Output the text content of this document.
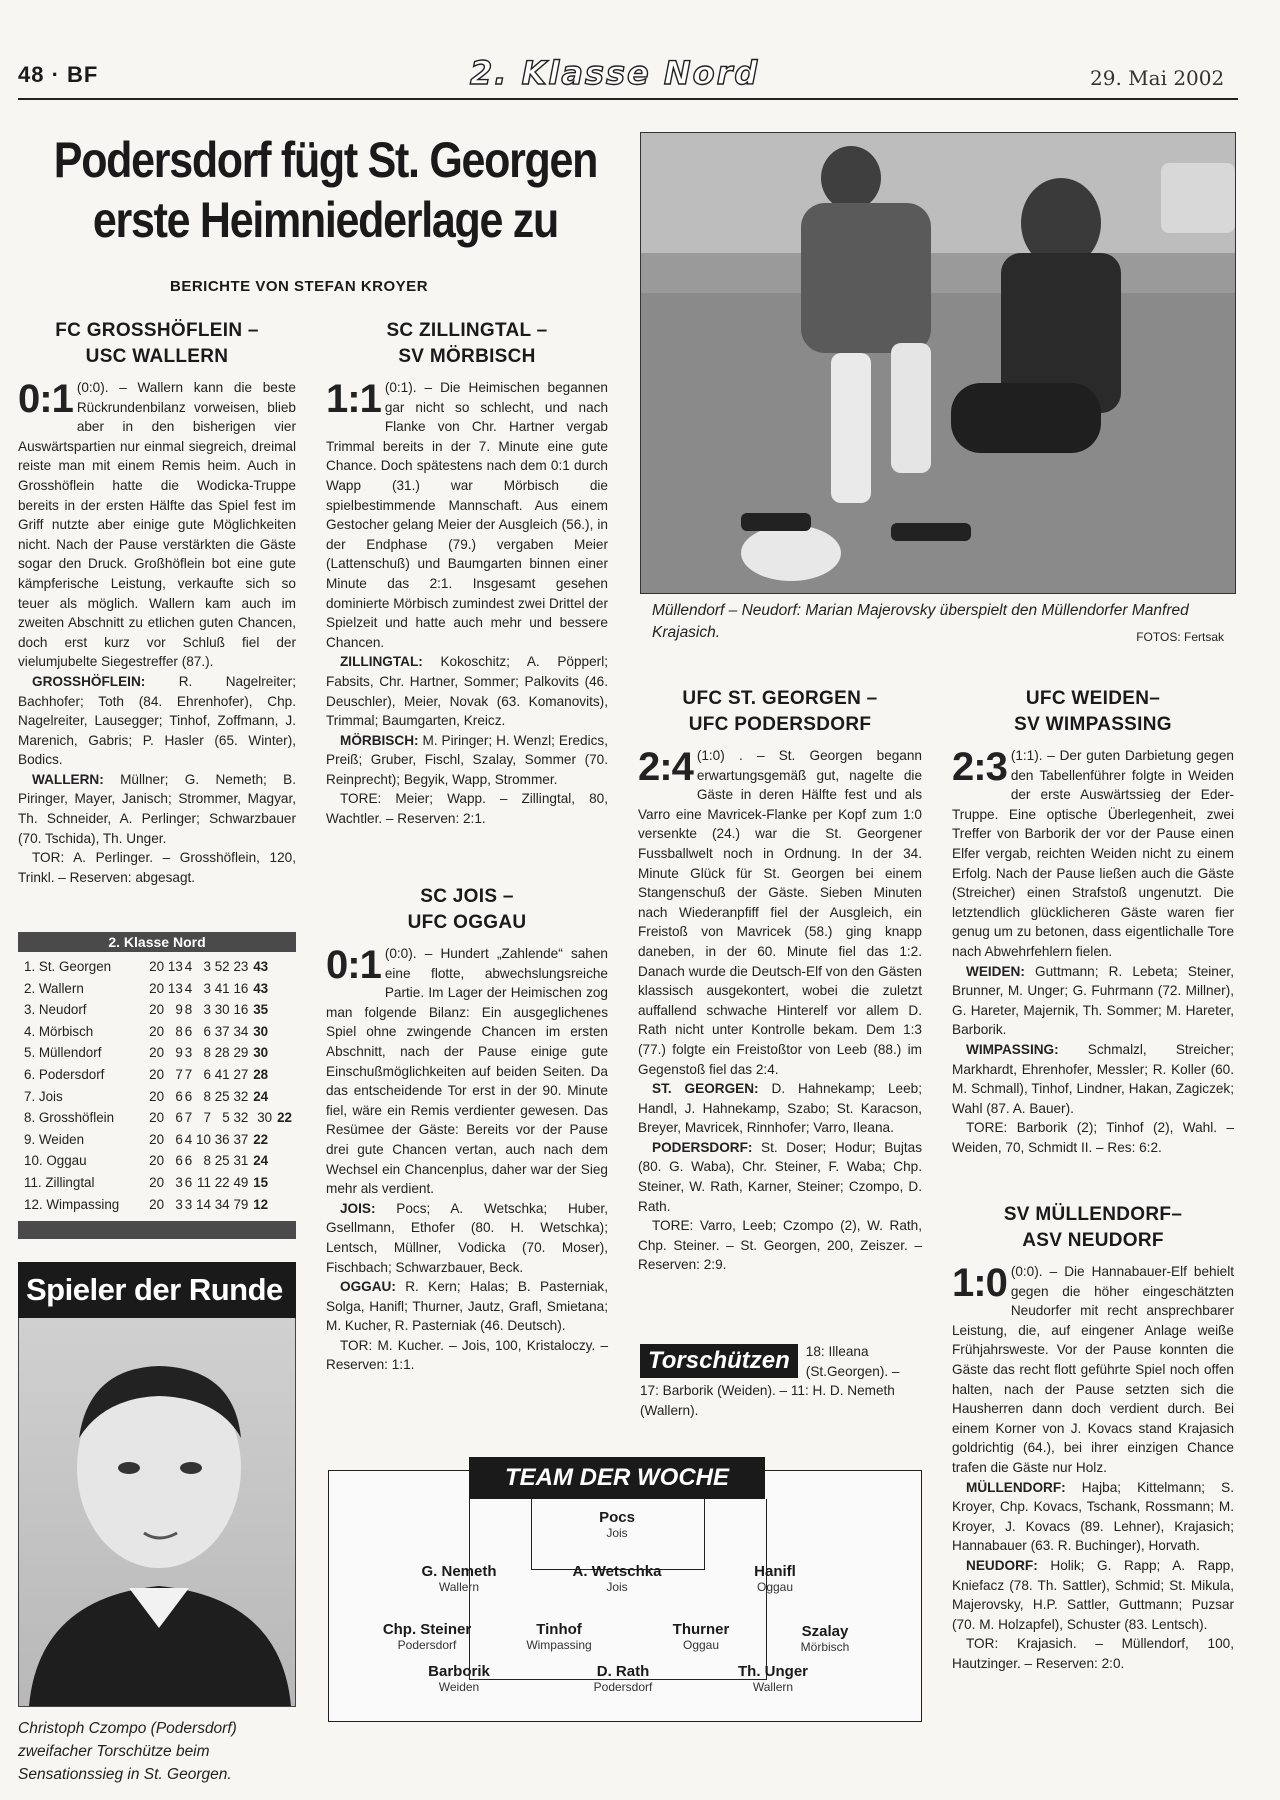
48 · BF	2. Klasse Nord	29. Mai 2002
Podersdorf fügt St. Georgen
erste Heimniederlage zu
BERICHTE VON STEFAN KROYER
Müllendorf – Neudorf: Marian Majerovsky überspielt den Müllendorfer Manfred Krajasich.	FOTOS: Fertsak
FC GROSSHÖFLEIN –
USC WALLERN
0:1 (0:0). – Wallern kann die beste Rückrundenbilanz vorweisen, blieb aber in den bisherigen vier Auswärtspartien nur einmal siegreich, dreimal reiste man mit einem Remis heim. Auch in Grosshöflein hatte die Wodicka-Truppe bereits in der ersten Hälfte das Spiel fest im Griff nutzte aber einige gute Möglichkeiten nicht. Nach der Pause verstärkten die Gäste sogar den Druck. Großhöflein bot eine gute kämpferische Leistung, verkaufte sich so teuer als möglich. Wallern kam auch im zweiten Abschnitt zu etlichen guten Chancen, doch erst kurz vor Schluß fiel der vielumjubelte Siegestreffer (87.).
GROSSHÖFLEIN: R. Nagelreiter; Bachhofer; Toth (84. Ehrenhofer), Chp. Nagelreiter, Lausegger; Tinhof, Zoffmann, J. Marenich, Gabris; P. Hasler (65. Winter), Bodics.
WALLERN: Müllner; G. Nemeth; B. Piringer, Mayer, Janisch; Strommer, Magyar, Th. Schneider, A. Perlinger; Schwarzbauer (70. Tschida), Th. Unger.
TOR: A. Perlinger. – Grosshöflein, 120, Trinkl. – Reserven: abgesagt.
2. Klasse Nord
1. St. Georgen	20	13	4	3	52	23	43	
2. Wallern	20	13	4	3	41	16	43	
3. Neudorf	20	9	8	3	30	16	35	
4. Mörbisch	20	8	6	6	37	34	30	
5. Müllendorf	20	9	3	8	28	29	30	
6. Podersdorf	20	7	7	6	41	27	28	
7. Jois	20	6	6	8	25	32	24	
8. Grosshöflein	20	6	7	7	5	32	30	22
9. Weiden	20	6	4	10	36	37	22	
10. Oggau	20	6	6	8	25	31	24	
11. Zillingtal	20	3	6	11	22	49	15	
12. Wimpassing	20	3	3	14	34	79	12	
Spieler der Runde
Christoph Czompo (Podersdorf) zweifacher Torschütze beim Sensationssieg in St. Georgen.
SC ZILLINGTAL –
SV MÖRBISCH
1:1 (0:1). – Die Heimischen begannen gar nicht so schlecht, und nach Flanke von Chr. Hartner vergab Trimmal bereits in der 7. Minute eine gute Chance. Doch spätestens nach dem 0:1 durch Wapp (31.) war Mörbisch die spielbestimmende Mannschaft. Aus einem Gestocher gelang Meier der Ausgleich (56.), in der Endphase (79.) vergaben Meier (Lattenschuß) und Baumgarten binnen einer Minute das 2:1. Insgesamt gesehen dominierte Mörbisch zumindest zwei Drittel der Spielzeit und hatte auch mehr und bessere Chancen.
ZILLINGTAL: Kokoschitz; A. Pöpperl; Fabsits, Chr. Hartner, Sommer; Palkovits (46. Deuschler), Meier, Novak (63. Komanovits), Trimmal; Baumgarten, Kreicz.
MÖRBISCH: M. Piringer; H. Wenzl; Eredics, Preiß; Gruber, Fischl, Szalay, Sommer (70. Reinprecht); Begyik, Wapp, Strommer.
TORE: Meier; Wapp. – Zillingtal, 80, Wachtler. – Reserven: 2:1.
SC JOIS –
UFC OGGAU
0:1 (0:0). – Hundert „Zahlende“ sahen eine flotte, abwechslungsreiche Partie. Im Lager der Heimischen zog man folgende Bilanz: Ein ausgeglichenes Spiel ohne zwingende Chancen im ersten Abschnitt, nach der Pause einige gute Einschußmöglichkeiten auf beiden Seiten. Da das entscheidende Tor erst in der 90. Minute fiel, wäre ein Remis verdienter gewesen. Das Resümee der Gäste: Bereits vor der Pause drei gute Chancen vertan, auch nach dem Wechsel ein Chancenplus, daher war der Sieg mehr als verdient.
JOIS: Pocs; A. Wetschka; Huber, Gsellmann, Ethofer (80. H. Wetschka); Lentsch, Müllner, Vodicka (70. Moser), Fischbach; Schwarzbauer, Beck.
OGGAU: R. Kern; Halas; B. Pasterniak, Solga, Hanifl; Thurner, Jautz, Grafl, Smietana; M. Kucher, R. Pasterniak (46. Deutsch).
TOR: M. Kucher. – Jois, 100, Kristaloczy. – Reserven: 1:1.
UFC ST. GEORGEN –
UFC PODERSDORF
2:4 (1:0) . – St. Georgen begann erwartungsgemäß gut, nagelte die Gäste in deren Hälfte fest und als Varro eine Mavricek-Flanke per Kopf zum 1:0 versenkte (24.) war die St. Georgener Fussballwelt noch in Ordnung. In der 34. Minute Glück für St. Georgen bei einem Stangenschuß der Gäste. Sieben Minuten nach Wiederanpfiff fiel der Ausgleich, ein Freistoß von Mavricek (58.) ging knapp daneben, in der 60. Minute fiel das 1:2. Danach wurde die Deutsch-Elf von den Gästen klassisch ausgekontert, wobei die zuletzt auffallend schwache Hinterelf vor allem D. Rath nicht unter Kontrolle bekam. Dem 1:3 (77.) folgte ein Freistoßtor von Leeb (88.) im Gegenstoß fiel das 2:4.
ST. GEORGEN: D. Hahnekamp; Leeb; Handl, J. Hahnekamp, Szabo; St. Karacson, Breyer, Mavricek, Rinnhofer; Varro, Ileana.
PODERSDORF: St. Doser; Hodur; Bujtas (80. G. Waba), Chr. Steiner, F. Waba; Chp. Steiner, W. Rath, Karner, Steiner; Czompo, D. Rath.
TORE: Varro, Leeb; Czompo (2), W. Rath, Chp. Steiner. – St. Georgen, 200, Zeiszer. – Reserven: 2:9.
Torschützen	18: Illeana (St.Georgen). –
17: Barborik (Weiden). – 11: H. D. Nemeth (Wallern).
UFC WEIDEN–
SV WIMPASSING
2:3 (1:1). – Der guten Darbietung gegen den Tabellenführer folgte in Weiden der erste Auswärtssieg der Eder-Truppe. Eine optische Überlegenheit, zwei Treffer von Barborik der vor der Pause einen Elfer vergab, reichten Weiden nicht zu einem Erfolg. Nach der Pause ließen auch die Gäste (Streicher) einen Strafstoß ungenutzt. Die letztendlich glücklicheren Gäste waren fier genug um zu betonen, dass eigentlichalle Tore nach Abwehrfehlern fielen.
WEIDEN: Guttmann; R. Lebeta; Steiner, Brunner, M. Unger; G. Fuhrmann (72. Millner), G. Hareter, Majernik, Th. Sommer; M. Hareter, Barborik.
WIMPASSING: Schmalzl, Streicher; Markhardt, Ehrenhofer, Messler; R. Koller (60. M. Schmall), Tinhof, Lindner, Hakan, Zagiczek; Wahl (87. A. Bauer).
TORE: Barborik (2); Tinhof (2), Wahl. – Weiden, 70, Schmidt II. – Res: 6:2.
SV MÜLLENDORF–
ASV NEUDORF
1:0 (0:0). – Die Hannabauer-Elf behielt gegen die höher eingeschätzten Neudorfer mit recht ansprechbarer Leistung, die, auf eingener Anlage weiße Frühjahrsweste. Vor der Pause konnten die Gäste das recht flott geführte Spiel noch offen halten, nach der Pause setzten sich die Hausherren dann doch verdient durch. Bei einem Korner von J. Kovacs stand Krajasich goldrichtig (64.), bei ihrer einzigen Chance trafen die Gäste nur Holz.
MÜLLENDORF: Hajba; Kittelmann; S. Kroyer, Chp. Kovacs, Tschank, Rossmann; M. Kroyer, J. Kovacs (89. Lehner), Krajasich; Hannabauer (63. R. Buchinger), Horvath.
NEUDORF: Holik; G. Rapp; A. Rapp, Kniefacz (78. Th. Sattler), Schmid; St. Mikula, Majerovsky, H.P. Sattler, Guttmann; Puzsar (70. M. Holzapfel), Schuster (83. Lentsch).
TOR: Krajasich. – Müllendorf, 100, Hautzinger. – Reserven: 2:0.
TEAM DER WOCHE
Pocs
Jois
G. Nemeth
Wallern
A. Wetschka
Jois
Hanifl
Oggau
Chp. Steiner
Podersdorf
Tinhof
Wimpassing
Thurner
Oggau
Szalay
Mörbisch
Barborik
Weiden
D. Rath
Podersdorf
Th. Unger
Wallern
